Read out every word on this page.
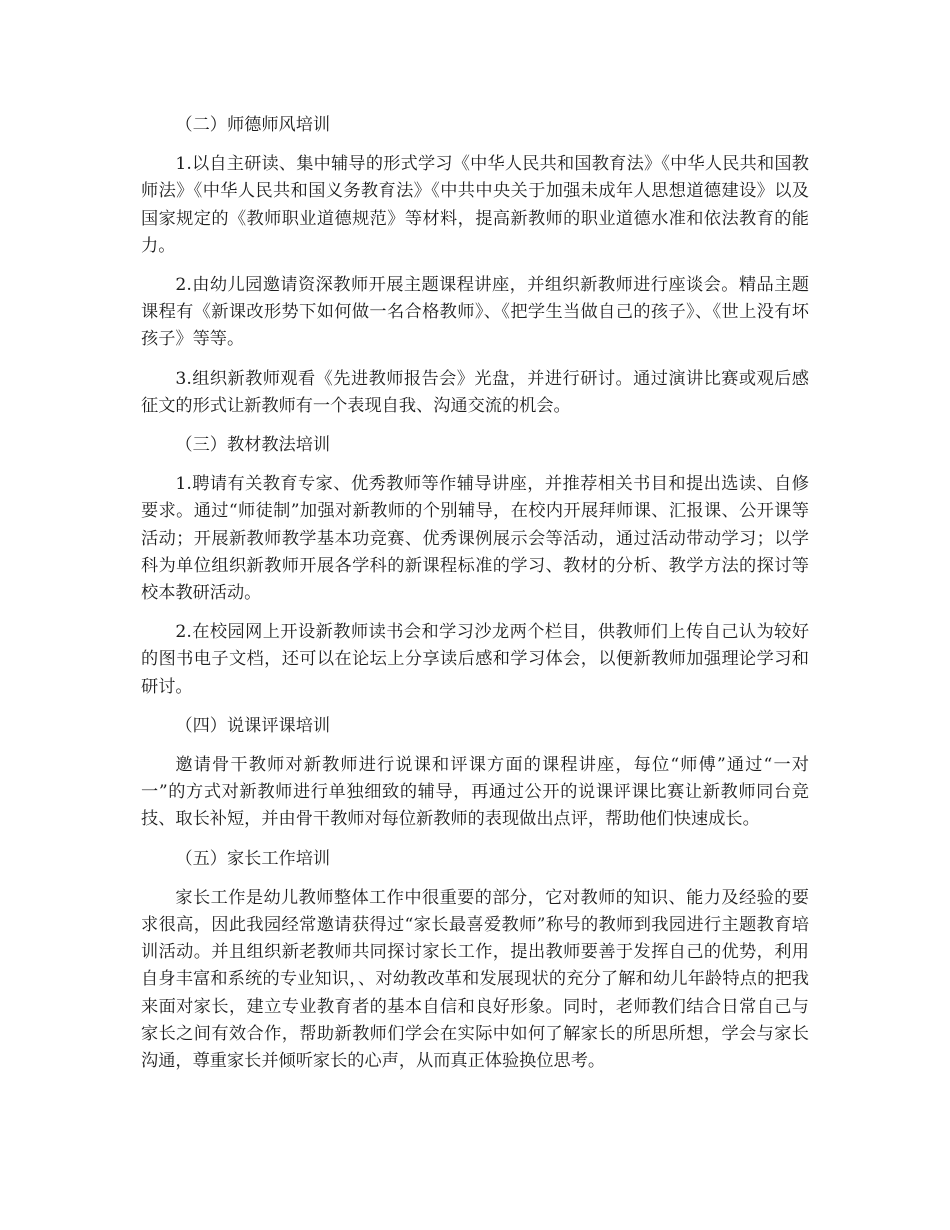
（二）师德师风培训

1.以自主研读、集中辅导的形式学习《中华人民共和国教育法》《中华人民共和国教师法》《中华人民共和国义务教育法》《中共中央关于加强未成年人思想道德建设》以及国家规定的《教师职业道德规范》等材料，提高新教师的职业道德水准和依法教育的能力。

2.由幼儿园邀请资深教师开展主题课程讲座，并组织新教师进行座谈会。精品主题课程有《新课改形势下如何做一名合格教师》、《把学生当做自己的孩子》、《世上没有坏孩子》等等。

3.组织新教师观看《先进教师报告会》光盘，并进行研讨。通过演讲比赛或观后感征文的形式让新教师有一个表现自我、沟通交流的机会。

（三）教材教法培训

1.聘请有关教育专家、优秀教师等作辅导讲座，并推荐相关书目和提出选读、自修要求。通过“师徒制”加强对新教师的个别辅导，在校内开展拜师课、汇报课、公开课等活动；开展新教师教学基本功竞赛、优秀课例展示会等活动，通过活动带动学习；以学科为单位组织新教师开展各学科的新课程标准的学习、教材的分析、教学方法的探讨等校本教研活动。

2.在校园网上开设新教师读书会和学习沙龙两个栏目，供教师们上传自己认为较好的图书电子文档，还可以在论坛上分享读后感和学习体会，以便新教师加强理论学习和研讨。

（四）说课评课培训

邀请骨干教师对新教师进行说课和评课方面的课程讲座，每位“师傅”通过“一对一”的方式对新教师进行单独细致的辅导，再通过公开的说课评课比赛让新教师同台竞技、取长补短，并由骨干教师对每位新教师的表现做出点评，帮助他们快速成长。

（五）家长工作培训

家长工作是幼儿教师整体工作中很重要的部分，它对教师的知识、能力及经验的要求很高，因此我园经常邀请获得过“家长最喜爱教师”称号的教师到我园进行主题教育培训活动。并且组织新老教师共同探讨家长工作，提出教师要善于发挥自己的优势，利用自身丰富和系统的专业知识，、对幼教改革和发展现状的充分了解和幼儿年龄特点的把我来面对家长，建立专业教育者的基本自信和良好形象。同时，老师教们结合日常自己与家长之间有效合作，帮助新教师们学会在实际中如何了解家长的所思所想，学会与家长沟通，尊重家长并倾听家长的心声，从而真正体验换位思考。
